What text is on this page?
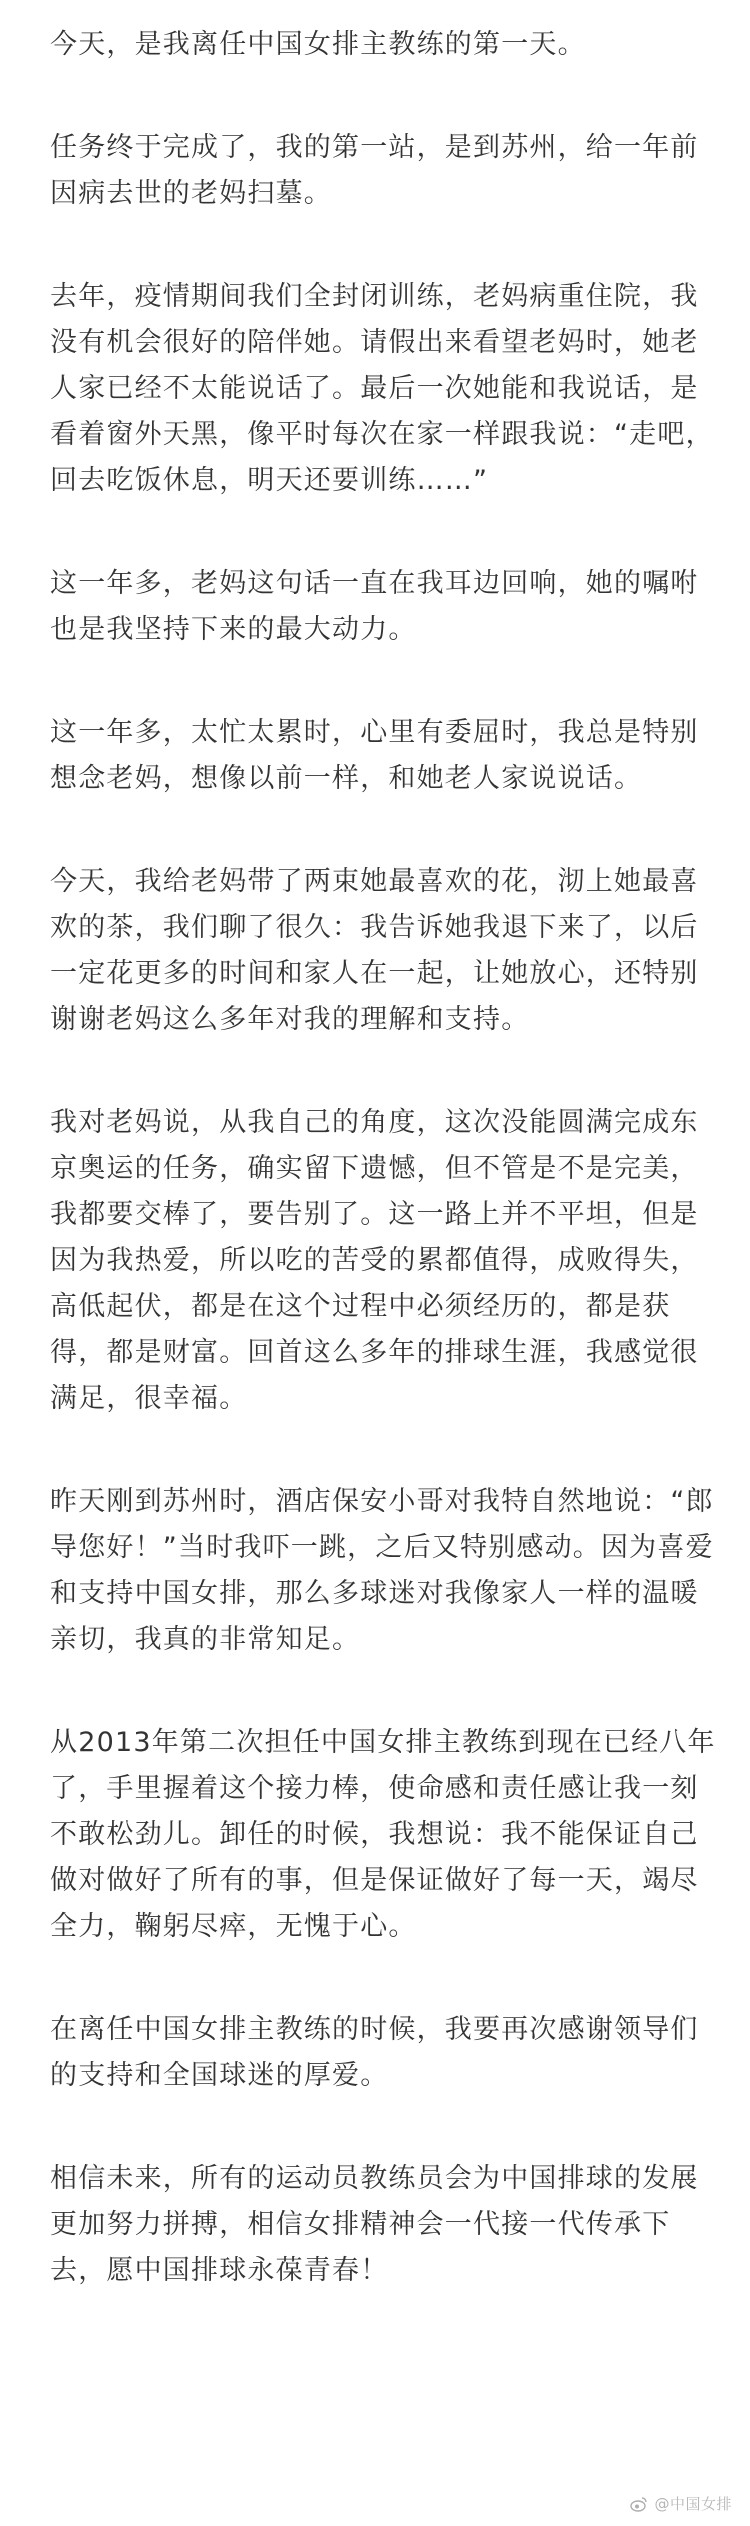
今天，是我离任中国女排主教练的第一天。

任务终于完成了，我的第一站，是到苏州，给一年前因病去世的老妈扫墓。

去年，疫情期间我们全封闭训练，老妈病重住院，我没有机会很好的陪伴她。请假出来看望老妈时，她老人家已经不太能说话了。最后一次她能和我说话，是看着窗外天黑，像平时每次在家一样跟我说：“走吧，回去吃饭休息，明天还要训练……”

这一年多，老妈这句话一直在我耳边回响，她的嘱咐也是我坚持下来的最大动力。

这一年多，太忙太累时，心里有委屈时，我总是特别想念老妈，想像以前一样，和她老人家说说话。

今天，我给老妈带了两束她最喜欢的花，沏上她最喜欢的茶，我们聊了很久：我告诉她我退下来了，以后一定花更多的时间和家人在一起，让她放心，还特别谢谢老妈这么多年对我的理解和支持。

我对老妈说，从我自己的角度，这次没能圆满完成东京奥运的任务，确实留下遗憾，但不管是不是完美，我都要交棒了，要告别了。这一路上并不平坦，但是因为我热爱，所以吃的苦受的累都值得，成败得失，高低起伏，都是在这个过程中必须经历的，都是获得，都是财富。回首这么多年的排球生涯，我感觉很满足，很幸福。

昨天刚到苏州时，酒店保安小哥对我特自然地说：“郎导您好！”当时我吓一跳，之后又特别感动。因为喜爱和支持中国女排，那么多球迷对我像家人一样的温暖亲切，我真的非常知足。

从2013年第二次担任中国女排主教练到现在已经八年了，手里握着这个接力棒，使命感和责任感让我一刻不敢松劲儿。卸任的时候，我想说：我不能保证自己做对做好了所有的事，但是保证做好了每一天，竭尽全力，鞠躬尽瘁，无愧于心。

在离任中国女排主教练的时候，我要再次感谢领导们的支持和全国球迷的厚爱。

相信未来，所有的运动员教练员会为中国排球的发展更加努力拼搏，相信女排精神会一代接一代传承下去，愿中国排球永葆青春！

@中国女排
